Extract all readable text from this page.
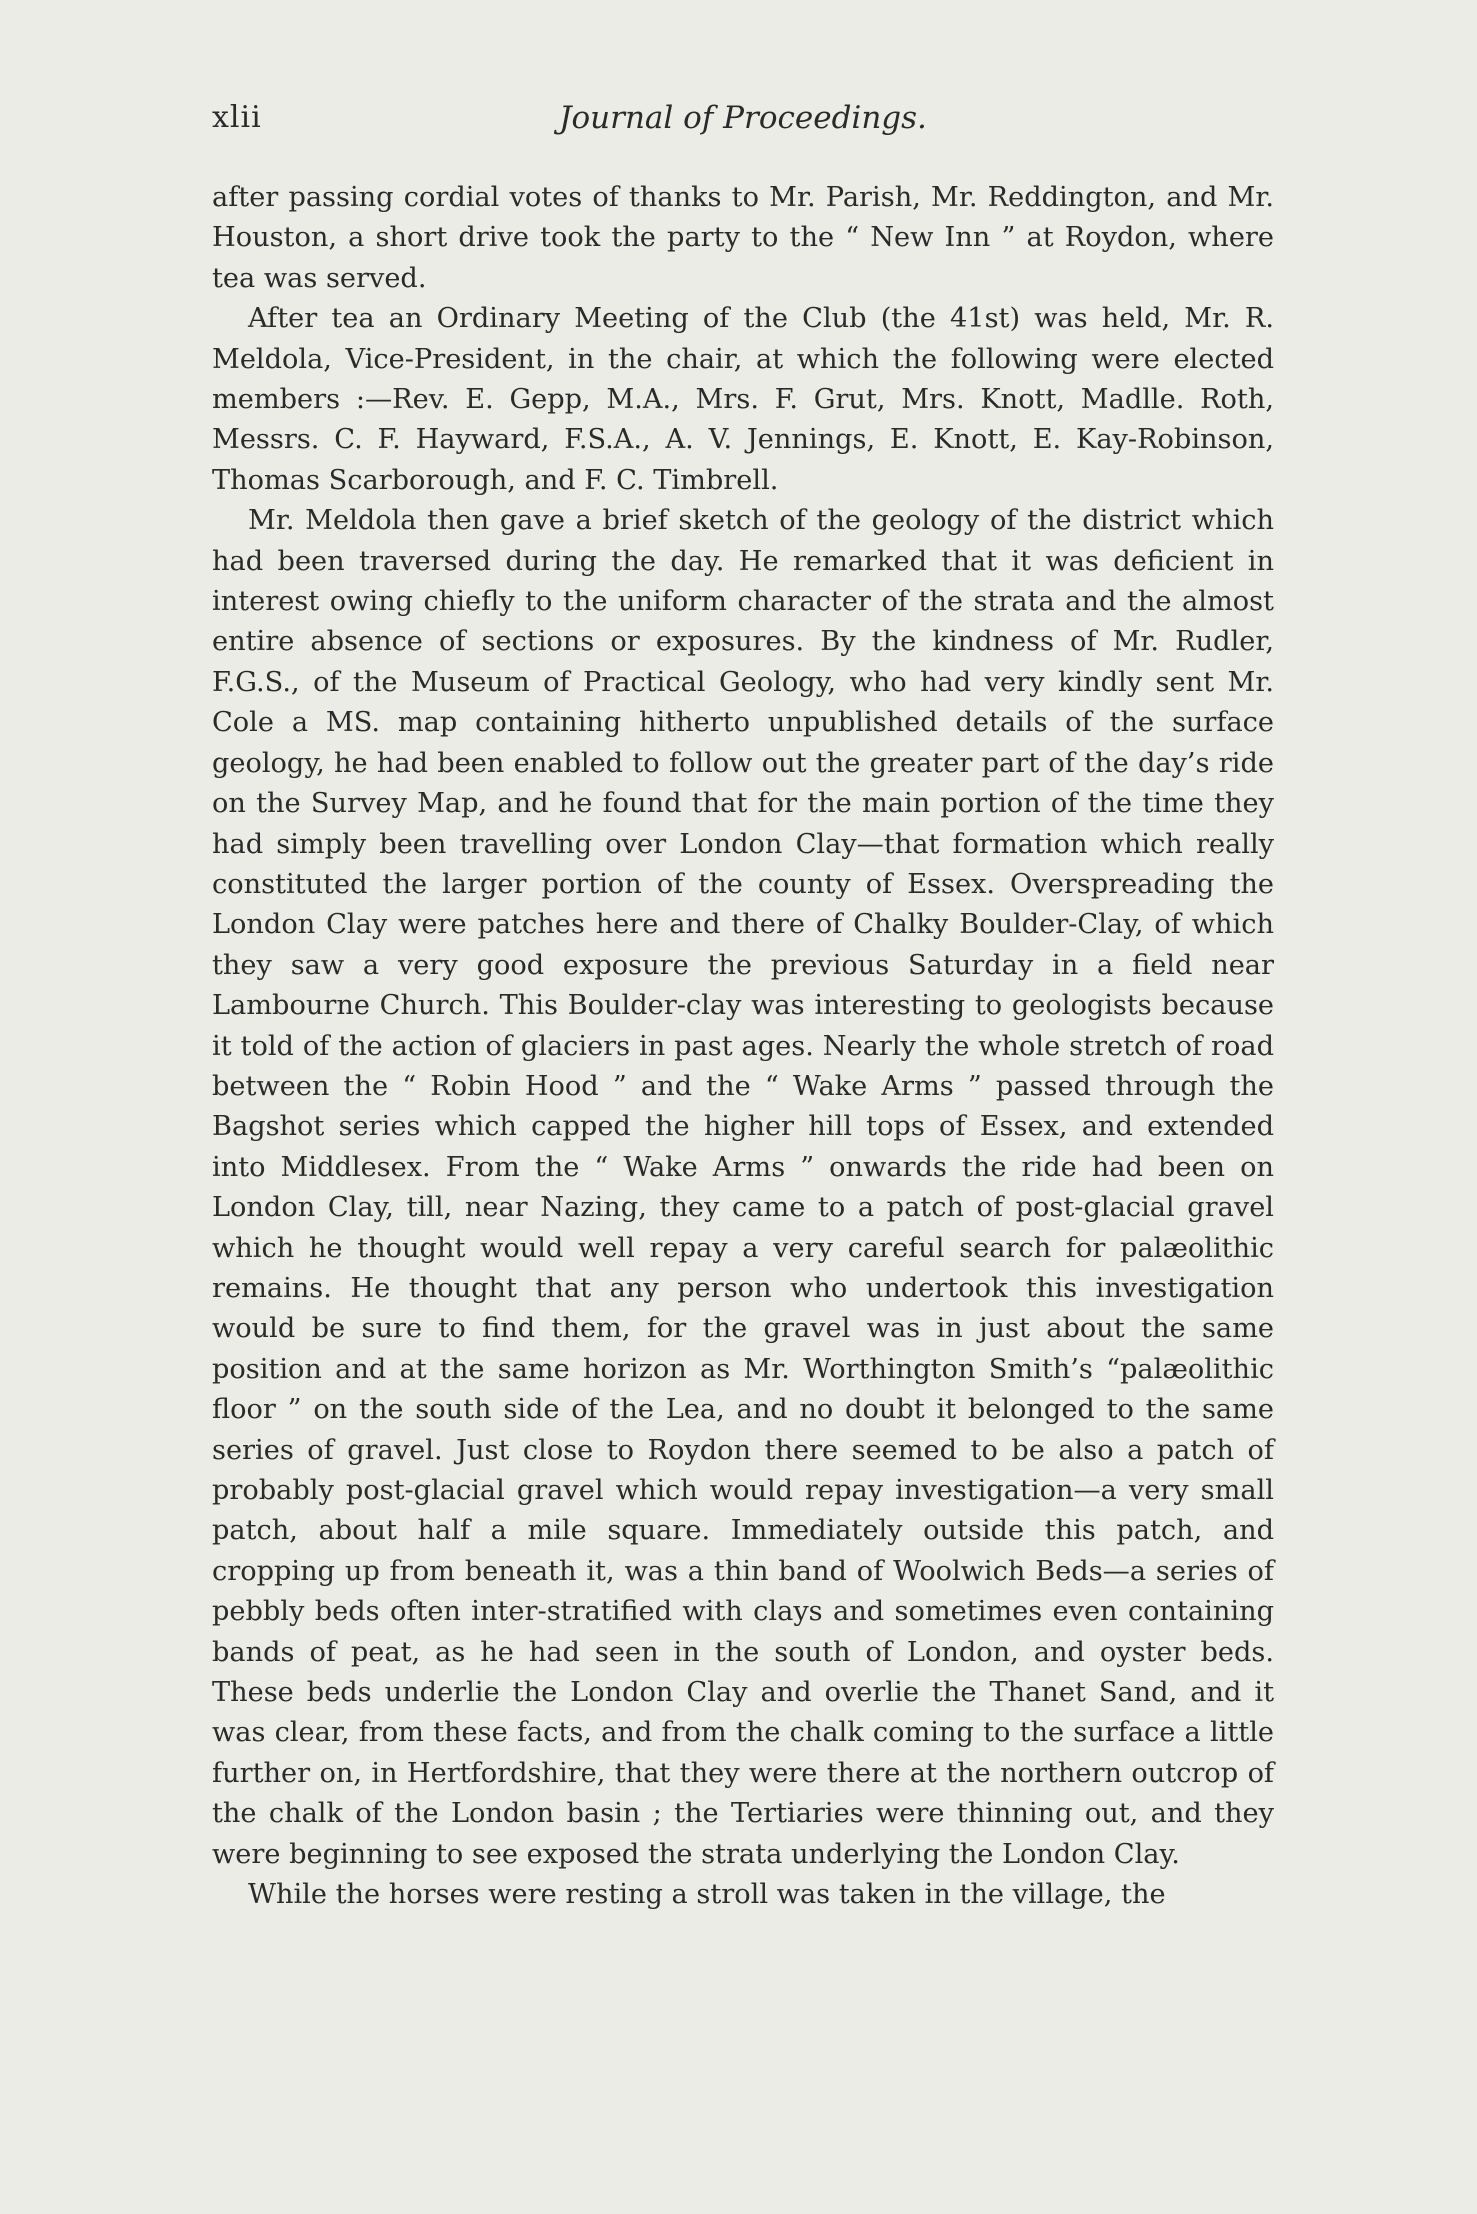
xlii	Journal of Proceedings.

after passing cordial votes of thanks to Mr. Parish, Mr. Reddington, and Mr. Houston, a short drive took the party to the “ New Inn ” at Roydon, where tea was served.

After tea an Ordinary Meeting of the Club (the 41st) was held, Mr. R. Meldola, Vice-President, in the chair, at which the following were elected members :—Rev. E. Gepp, M.A., Mrs. F. Grut, Mrs. Knott, Madlle. Roth, Messrs. C. F. Hayward, F.S.A., A. V. Jennings, E. Knott, E. Kay-Robinson, Thomas Scarborough, and F. C. Timbrell.

Mr. Meldola then gave a brief sketch of the geology of the district which had been traversed during the day. He remarked that it was deficient in interest owing chiefly to the uniform character of the strata and the almost entire absence of sections or exposures. By the kindness of Mr. Rudler, F.G.S., of the Museum of Practical Geology, who had very kindly sent Mr. Cole a MS. map containing hitherto unpublished details of the surface geology, he had been enabled to follow out the greater part of the day’s ride on the Survey Map, and he found that for the main portion of the time they had simply been travelling over London Clay—that formation which really constituted the larger portion of the county of Essex. Overspreading the London Clay were patches here and there of Chalky Boulder-Clay, of which they saw a very good exposure the previous Saturday in a field near Lambourne Church. This Boulder-clay was interesting to geologists because it told of the action of glaciers in past ages. Nearly the whole stretch of road between the “ Robin Hood ” and the “ Wake Arms ” passed through the Bagshot series which capped the higher hill tops of Essex, and extended into Middlesex. From the “ Wake Arms ” onwards the ride had been on London Clay, till, near Nazing, they came to a patch of post-glacial gravel which he thought would well repay a very careful search for palæolithic remains. He thought that any person who undertook this investigation would be sure to find them, for the gravel was in just about the same position and at the same horizon as Mr. Worthington Smith’s “palæolithic floor ” on the south side of the Lea, and no doubt it belonged to the same series of gravel. Just close to Roydon there seemed to be also a patch of probably post-glacial gravel which would repay investigation—a very small patch, about half a mile square. Immediately outside this patch, and cropping up from beneath it, was a thin band of Woolwich Beds—a series of pebbly beds often inter-stratified with clays and sometimes even containing bands of peat, as he had seen in the south of London, and oyster beds. These beds underlie the London Clay and overlie the Thanet Sand, and it was clear, from these facts, and from the chalk coming to the surface a little further on, in Hertfordshire, that they were there at the northern outcrop of the chalk of the London basin ; the Tertiaries were thinning out, and they were beginning to see exposed the strata underlying the London Clay.

While the horses were resting a stroll was taken in the village, the
